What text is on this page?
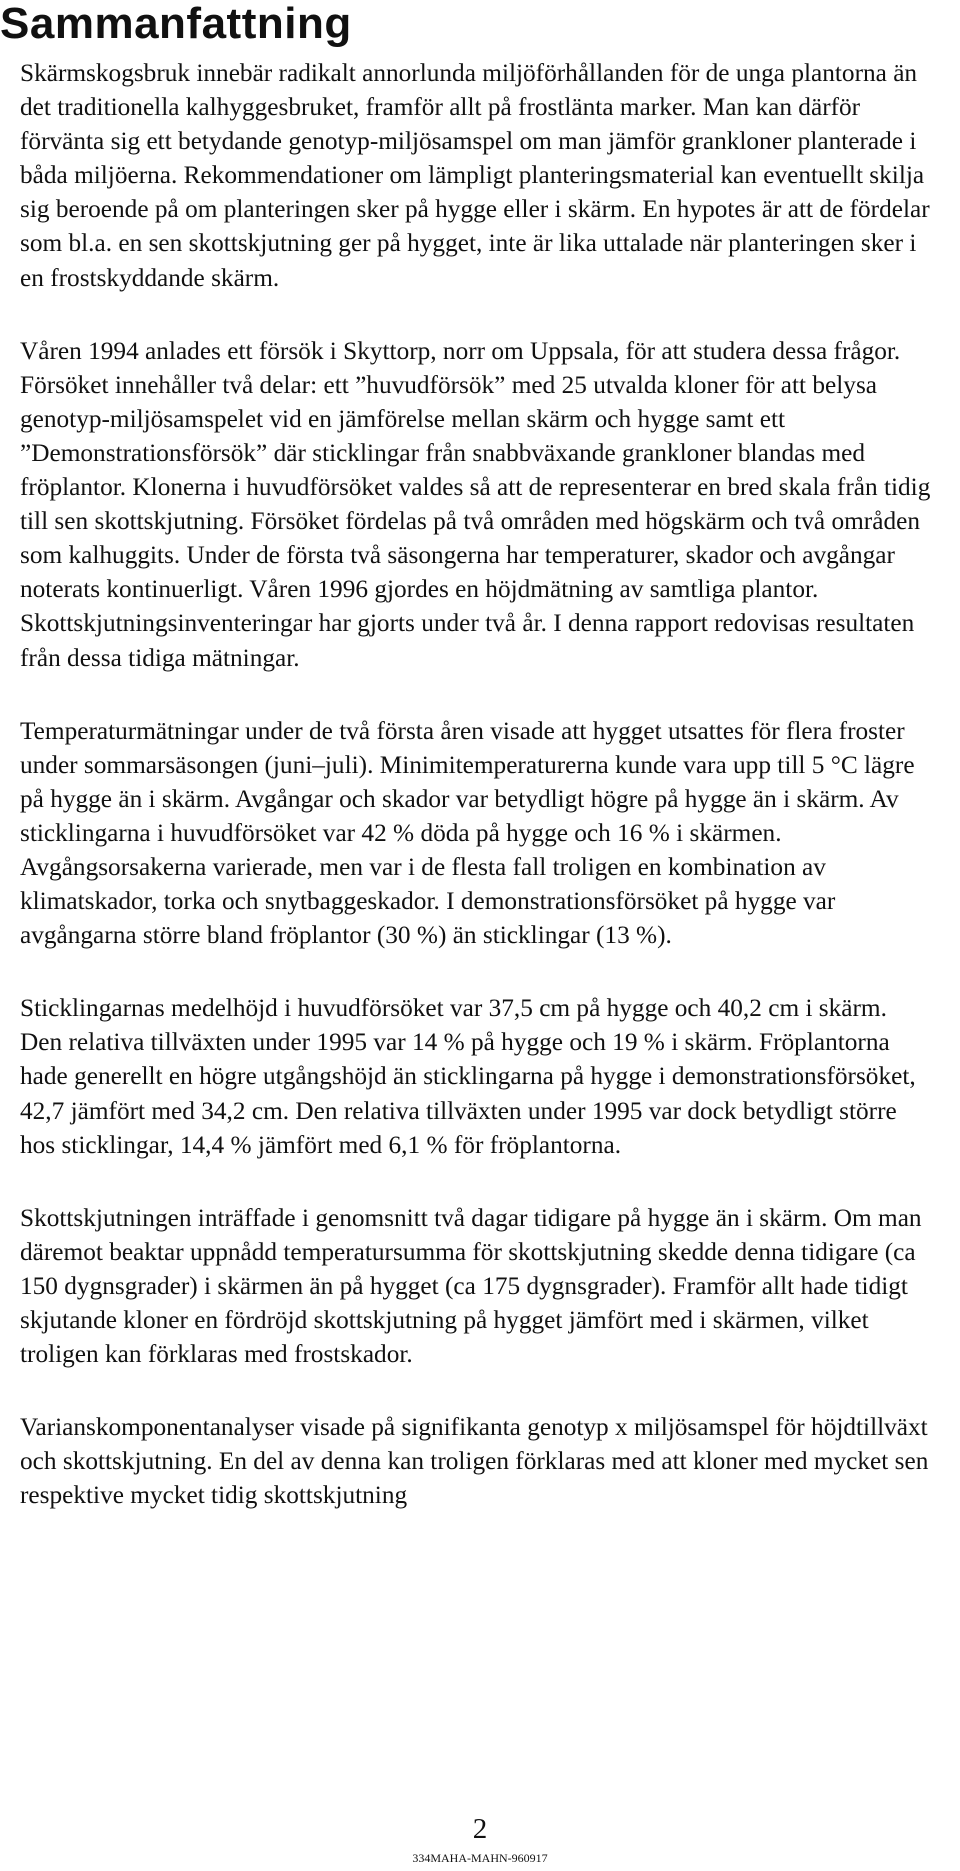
Sammanfattning

Skärmskogsbruk innebär radikalt annorlunda miljöförhållanden för de unga plantorna än det traditionella kalhyggesbruket, framför allt på frostlänta marker. Man kan därför förvänta sig ett betydande genotyp-miljösamspel om man jämför grankloner planterade i båda miljöerna. Rekommendationer om lämpligt planteringsmaterial kan eventuellt skilja sig beroende på om planteringen sker på hygge eller i skärm. En hypotes är att de fördelar som bl.a. en sen skottskjutning ger på hygget, inte är lika uttalade när planteringen sker i en frostskyddande skärm.

Våren 1994 anlades ett försök i Skyttorp, norr om Uppsala, för att studera dessa frågor. Försöket innehåller två delar: ett ”huvudförsök” med 25 utvalda kloner för att belysa genotyp-miljösamspelet vid en jämförelse mellan skärm och hygge samt ett ”Demonstrationsförsök” där sticklingar från snabbväxande grankloner blandas med fröplantor. Klonerna i huvudförsöket valdes så att de representerar en bred skala från tidig till sen skottskjutning. Försöket fördelas på två områden med högskärm och två områden som kalhuggits. Under de första två säsongerna har temperaturer, skador och avgångar noterats kontinuerligt. Våren 1996 gjordes en höjdmätning av samtliga plantor. Skottskjutningsinventeringar har gjorts under två år. I denna rapport redovisas resultaten från dessa tidiga mätningar.

Temperaturmätningar under de två första åren visade att hygget utsattes för flera froster under sommarsäsongen (juni–juli). Minimitemperaturerna kunde vara upp till 5 °C lägre på hygge än i skärm. Avgångar och skador var betydligt högre på hygge än i skärm. Av sticklingarna i huvudförsöket var 42 % döda på hygge och 16 % i skärmen. Avgångsorsakerna varierade, men var i de flesta fall troligen en kombination av klimatskador, torka och snytbaggeskador. I demonstrationsförsöket på hygge var avgångarna större bland fröplantor (30 %) än sticklingar (13 %).

Sticklingarnas medelhöjd i huvudförsöket var 37,5 cm på hygge och 40,2 cm i skärm. Den relativa tillväxten under 1995 var 14 % på hygge och 19 % i skärm. Fröplantorna hade generellt en högre utgångshöjd än sticklingarna på hygge i demonstrationsförsöket, 42,7 jämfört med 34,2 cm. Den relativa tillväxten under 1995 var dock betydligt större hos sticklingar, 14,4 % jämfört med 6,1 % för fröplantorna.

Skottskjutningen inträffade i genomsnitt två dagar tidigare på hygge än i skärm. Om man däremot beaktar uppnådd temperatursumma för skottskjutning skedde denna tidigare (ca 150 dygnsgrader) i skärmen än på hygget (ca 175 dygnsgrader). Framför allt hade tidigt skjutande kloner en fördröjd skottskjutning på hygget jämfört med i skärmen, vilket troligen kan förklaras med frostskador.

Varianskomponentanalyser visade på signifikanta genotyp x miljösamspel för höjdtillväxt och skottskjutning. En del av denna kan troligen förklaras med att kloner med mycket sen respektive mycket tidig skottskjutning

2
334MAHA-MAHN-960917
